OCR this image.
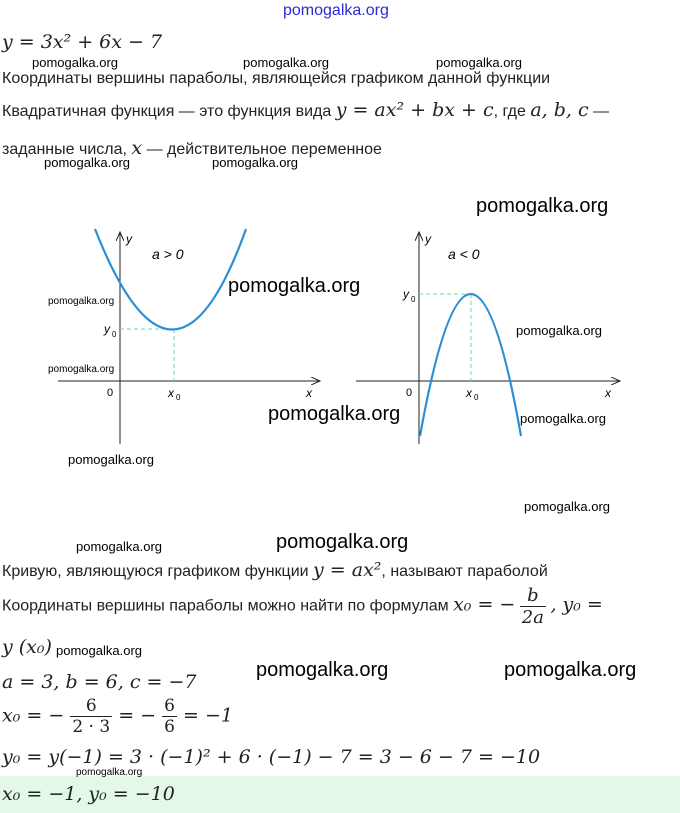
pomogalka.org
y = 3x² + 6x − 7
Координаты вершины параболы, являющейся графиком данной функции
Квадратичная функция — это функция вида y = ax² + bx + c, где a, b, c —
заданные числа, x — действительное переменное
a > 0
y
x
0	x 0
y 0
a < 0
y
x
0	x 0
y 0
Кривую, являющуюся графиком функции y = ax², называют параболой
Координаты вершины параболы можно найти по формулам x₀ = − $\frac{b}{2a}$ , y₀ =
y (x₀)
a = 3, b = 6, c = −7
x₀ = − $\frac{6}{2 \cdot 3}$ = − $\frac{6}{6} = -1$
y₀ = y(−1) = 3 · (−1)² + 6 · (−1) − 7 = 3 − 6 − 7 = −10
x₀ = −1, y₀ = −10
pomogalka.org	pomogalka.org	pomogalka.org
pomogalka.org	pomogalka.org
pomogalka.org
pomogalka.org
pomogalka.org
pomogalka.org
pomogalka.org
pomogalka.org	pomogalka.org
pomogalka.org
pomogalka.org
pomogalka.org
pomogalka.org
pomogalka.org
pomogalka.org	pomogalka.org
pomogalka.org
